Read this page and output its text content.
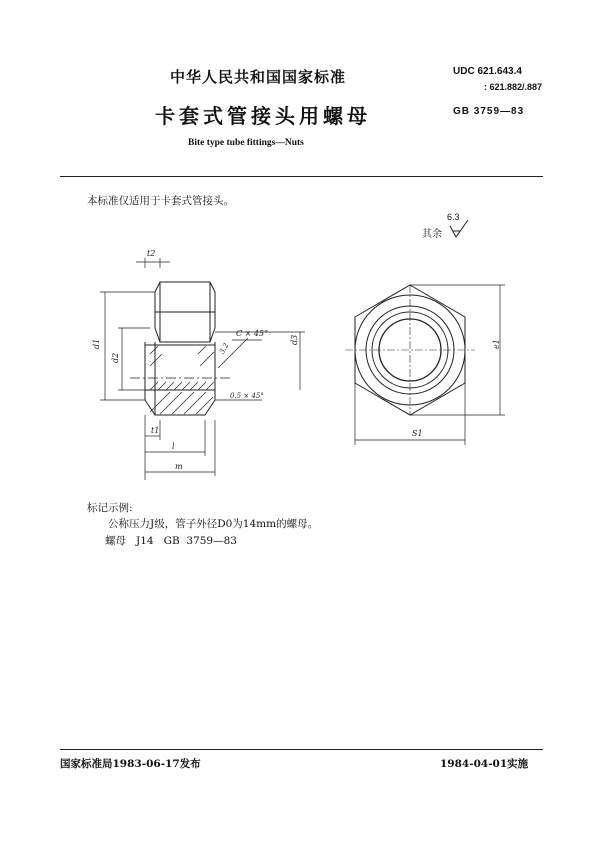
中华人民共和国国家标准
卡套式管接头用螺母
Bite type tube fittings—Nuts
UDC 621.643.4
: 621.882/.887
GB 3759—83
本标准仅适用于卡套式管接头。
6.3
其余
t2
d1
d2
d3
3.2
C × 45°
0.5 × 45°
t1
l
m
e1
S1
标记示例:
公称压力J级，管子外径D0为14mm的螺母。
螺母   J14   GB  3759—83
国家标准局1983-06-17发布	1984-04-01实施
